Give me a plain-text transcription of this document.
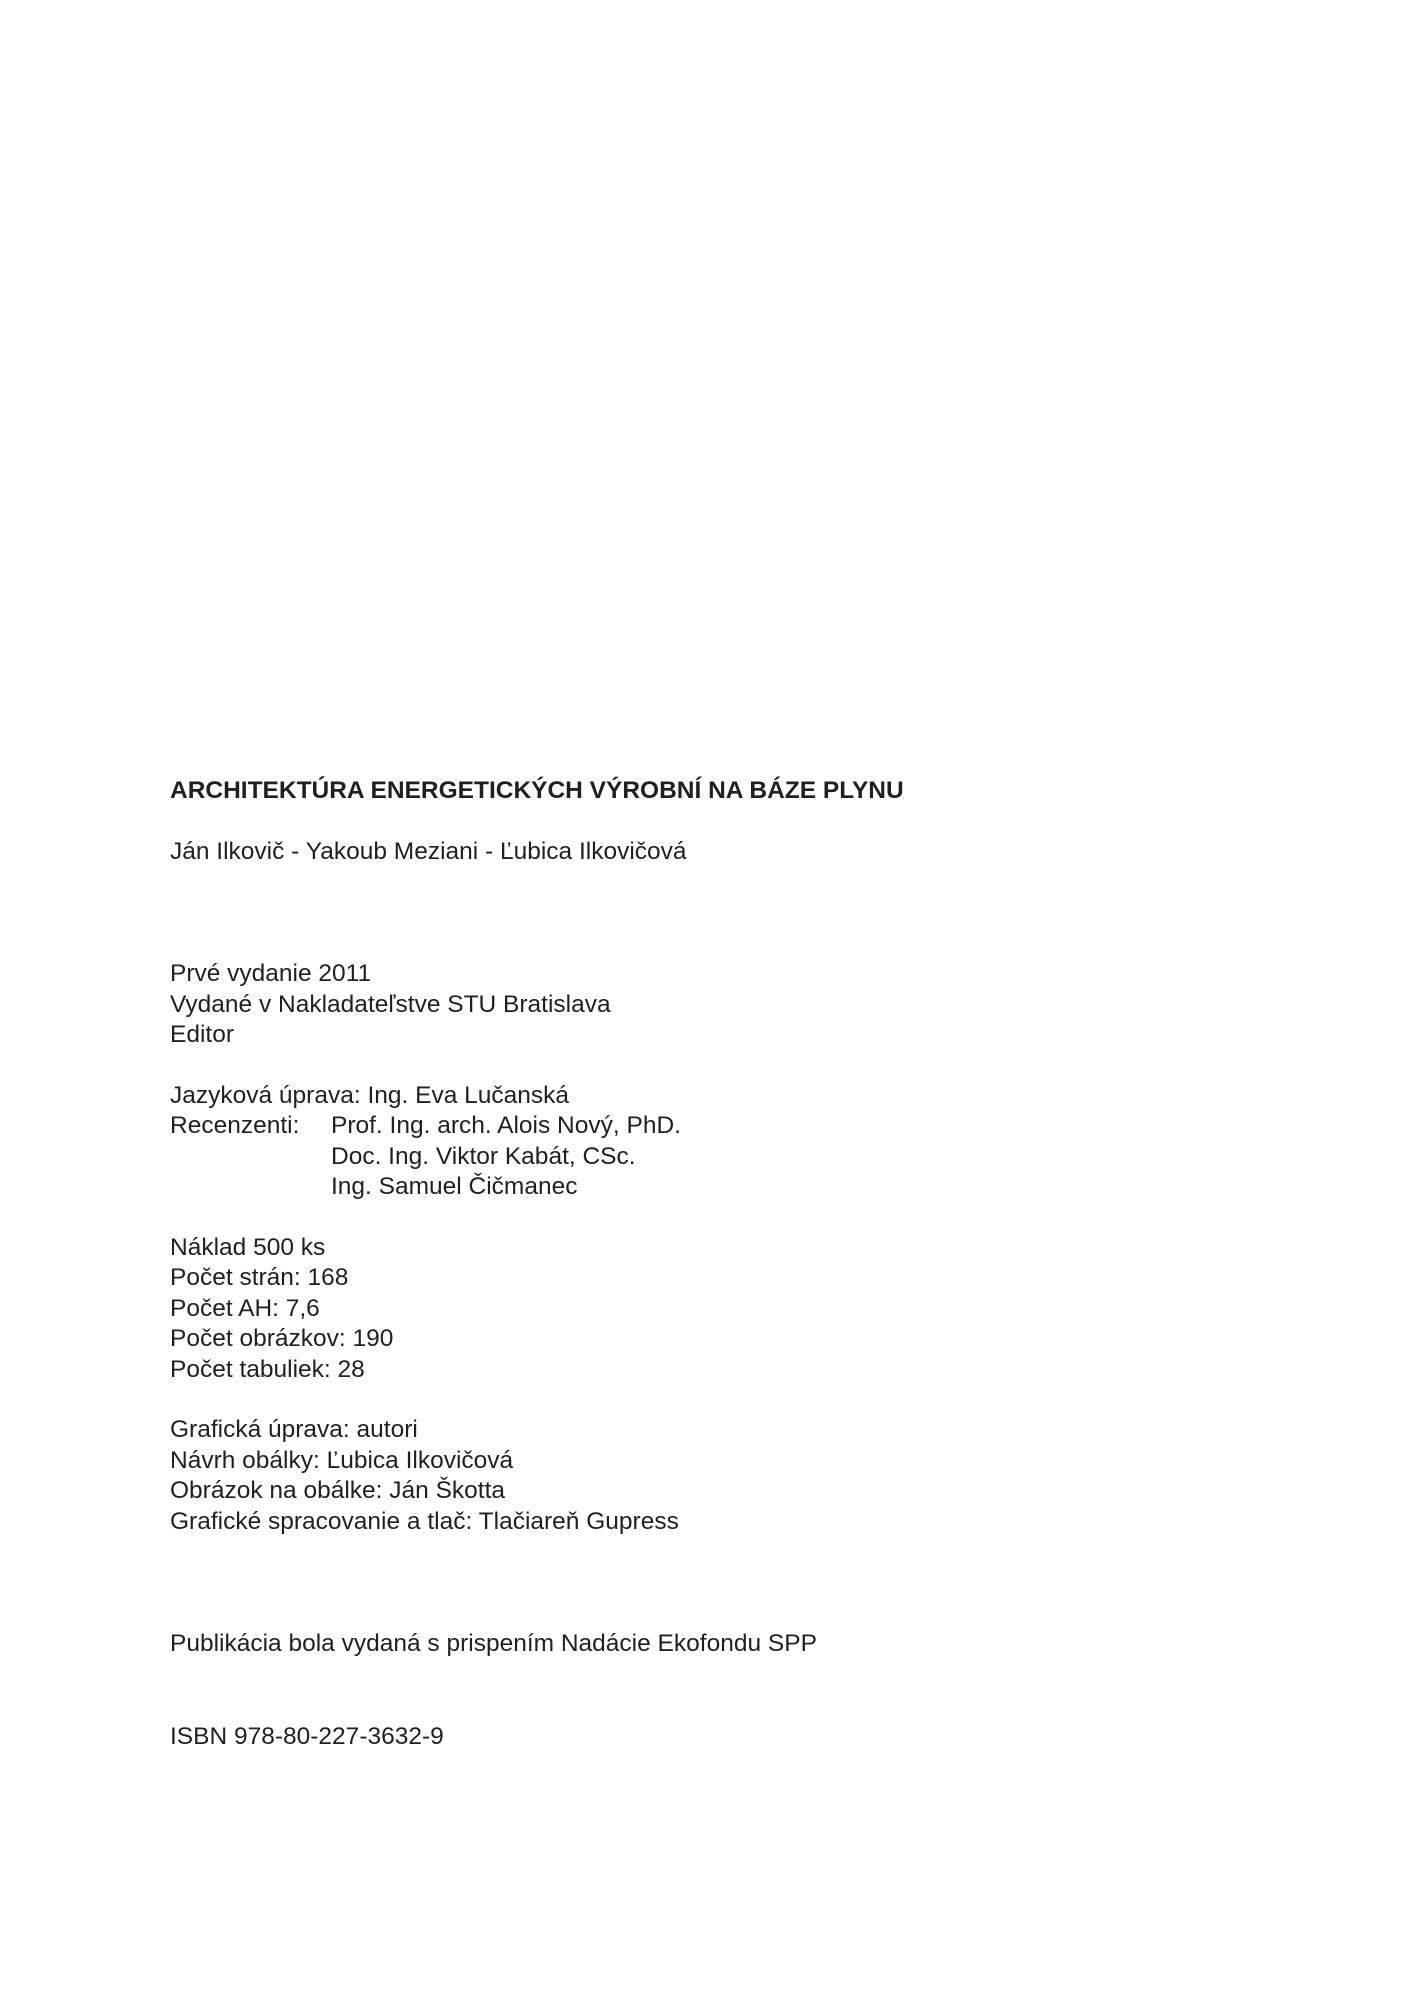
ARCHITEKTÚRA ENERGETICKÝCH VÝROBNÍ NA BÁZE PLYNU
Ján Ilkovič - Yakoub Meziani - Ľubica Ilkovičová
Prvé vydanie 2011
Vydané v Nakladateľstve STU Bratislava
Editor
Jazyková úprava: Ing. Eva Lučanská
Recenzenti:	Prof. Ing. arch. Alois Nový, PhD.
Doc. Ing. Viktor Kabát, CSc.
Ing. Samuel Čičmanec
Náklad 500 ks
Počet strán: 168
Počet AH: 7,6
Počet obrázkov: 190
Počet tabuliek: 28
Grafická úprava: autori
Návrh obálky: Ľubica Ilkovičová
Obrázok na obálke: Ján Škotta
Grafické spracovanie a tlač: Tlačiareň Gupress
Publikácia bola vydaná s prispením Nadácie Ekofondu SPP
ISBN 978-80-227-3632-9
